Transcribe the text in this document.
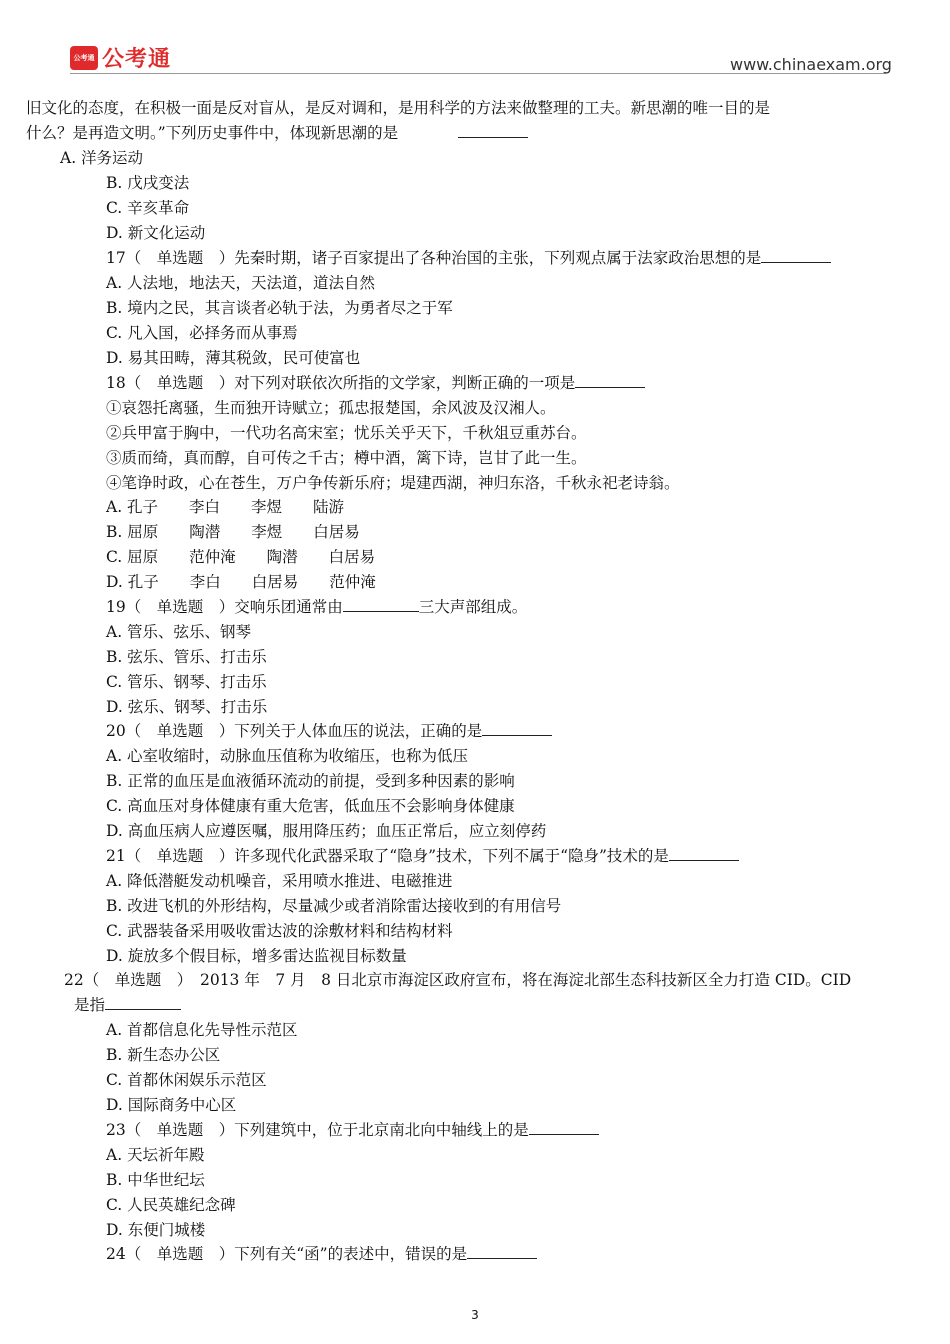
公考通 公考通	www.chinaexam.org
旧文化的态度，在积极一面是反对盲从，是反对调和，是用科学的方法来做整理的工夫。新思潮的唯一目的是
什么？是再造文明。”下列历史事件中，体现新思潮的是
A. 洋务运动
B. 戊戌变法
C. 辛亥革命
D. 新文化运动
17（　单选题　）先秦时期，诸子百家提出了各种治国的主张，下列观点属于法家政治思想的是
A. 人法地，地法天，天法道，道法自然
B. 境内之民，其言谈者必轨于法，为勇者尽之于军
C. 凡入国，必择务而从事焉
D. 易其田畴，薄其税敛，民可使富也
18（　单选题　）对下列对联依次所指的文学家，判断正确的一项是
①哀怨托离骚，生而独开诗赋立；孤忠报楚国，余风波及汉湘人。
②兵甲富于胸中，一代功名高宋室；忧乐关乎天下，千秋俎豆重苏台。
③质而绮，真而醇，自可传之千古；樽中酒，篱下诗，岂甘了此一生。
④笔诤时政，心在苍生，万户争传新乐府；堤建西湖，神归东洛，千秋永祀老诗翁。
A. 孔子　　李白　　李煜　　陆游
B. 屈原　　陶潜　　李煜　　白居易
C. 屈原　　范仲淹　　陶潜　　白居易
D. 孔子　　李白　　白居易　　范仲淹
19（　单选题　）交响乐团通常由	三大声部组成。
A. 管乐、弦乐、钢琴
B. 弦乐、管乐、打击乐
C. 管乐、钢琴、打击乐
D. 弦乐、钢琴、打击乐
20（　单选题　）下列关于人体血压的说法，正确的是
A. 心室收缩时，动脉血压值称为收缩压，也称为低压
B. 正常的血压是血液循环流动的前提，受到多种因素的影响
C. 高血压对身体健康有重大危害，低血压不会影响身体健康
D. 高血压病人应遵医嘱，服用降压药；血压正常后，应立刻停药
21（　单选题　）许多现代化武器采取了“隐身”技术，下列不属于“隐身”技术的是
A. 降低潜艇发动机噪音，采用喷水推进、电磁推进
B. 改进飞机的外形结构，尽量减少或者消除雷达接收到的有用信号
C. 武器装备采用吸收雷达波的涂敷材料和结构材料
D. 旋放多个假目标，增多雷达监视目标数量
22（　单选题　）　2013 年　7 月　8 日北京市海淀区政府宣布，将在海淀北部生态科技新区全力打造 CID。CID
是指
A. 首都信息化先导性示范区
B. 新生态办公区
C. 首都休闲娱乐示范区
D. 国际商务中心区
23（　单选题　）下列建筑中，位于北京南北向中轴线上的是
A. 天坛祈年殿
B. 中华世纪坛
C. 人民英雄纪念碑
D. 东便门城楼
24（　单选题　）下列有关“函”的表述中，错误的是
3
